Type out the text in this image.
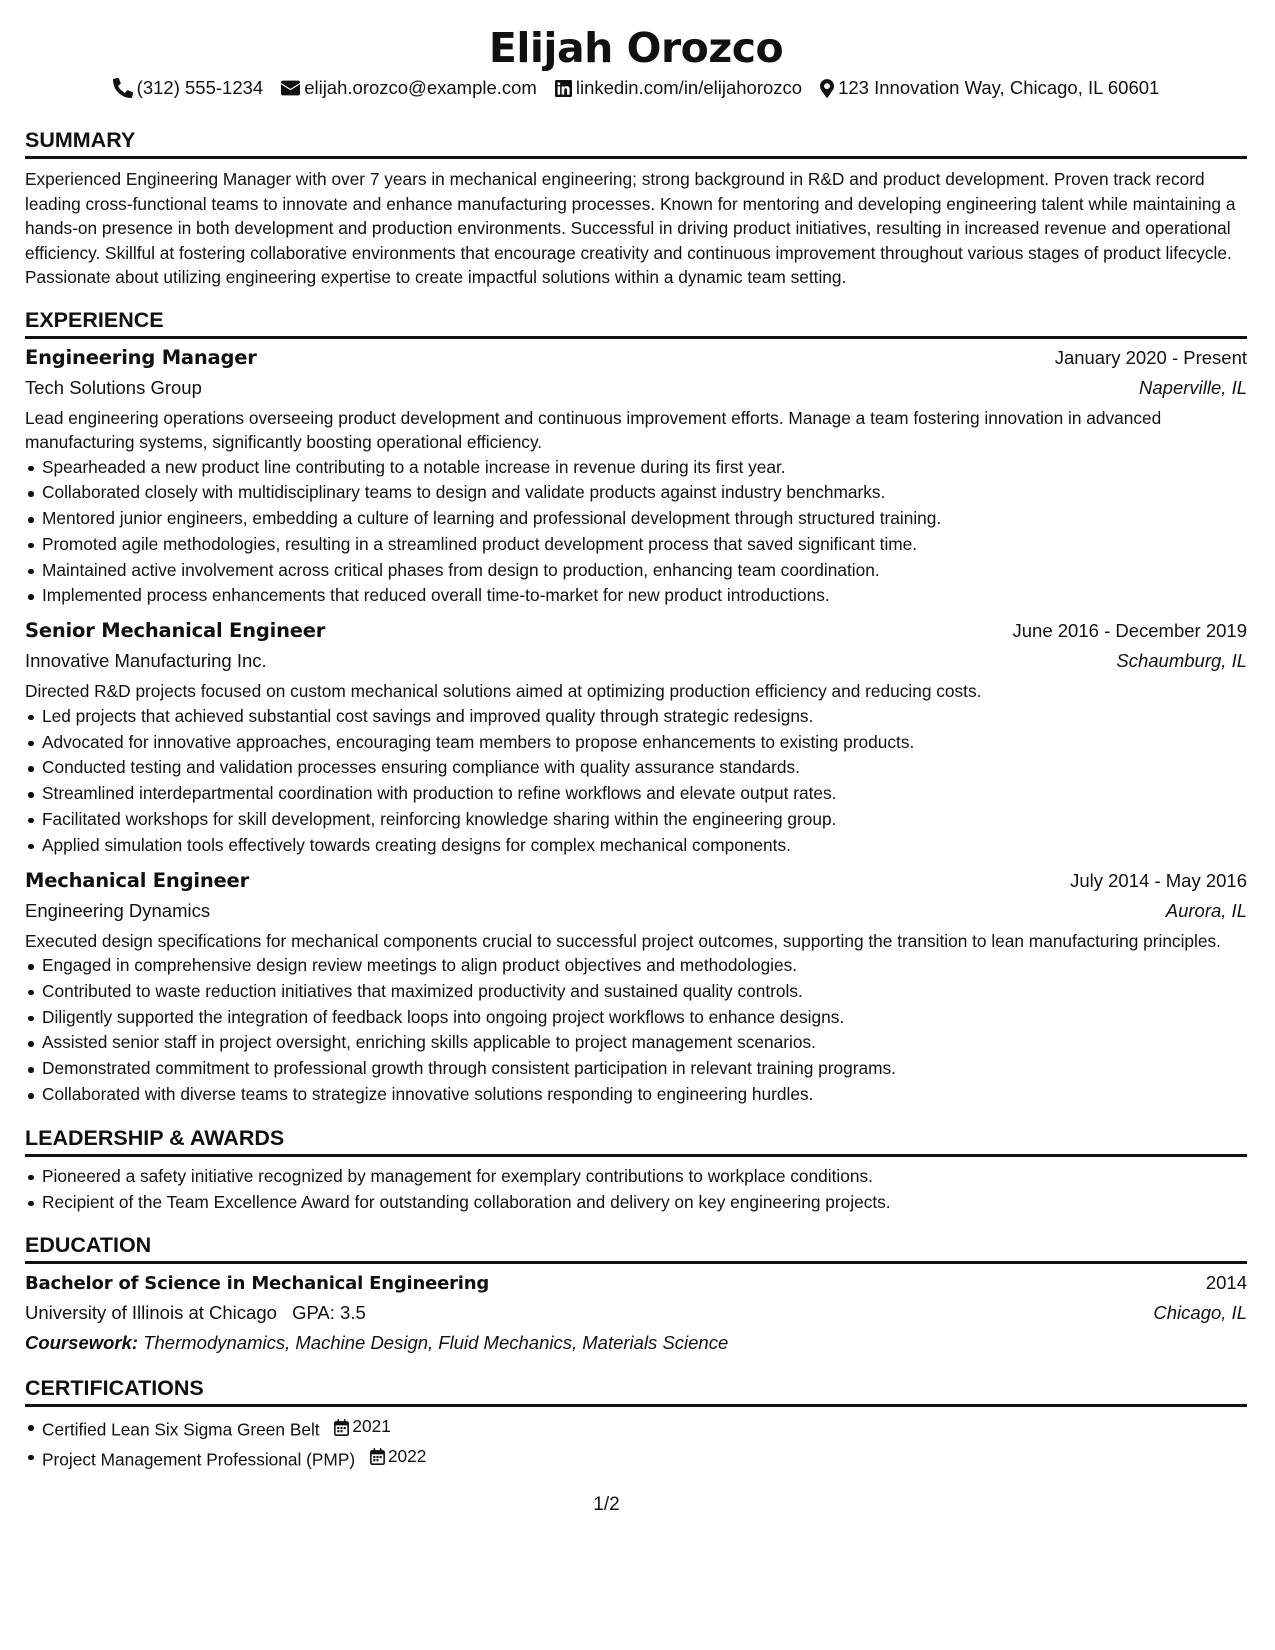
Elijah Orozco
(312) 555-1234 elijah.orozco@example.com linkedin.com/in/elijahorozco 123 Innovation Way, Chicago, IL 60601
SUMMARY
Experienced Engineering Manager with over 7 years in mechanical engineering; strong background in R&D and product development. Proven track record leading cross-functional teams to innovate and enhance manufacturing processes. Known for mentoring and developing engineering talent while maintaining a hands-on presence in both development and production environments. Successful in driving product initiatives, resulting in increased revenue and operational efficiency. Skillful at fostering collaborative environments that encourage creativity and continuous improvement throughout various stages of product lifecycle. Passionate about utilizing engineering expertise to create impactful solutions within a dynamic team setting.
EXPERIENCE
Engineering Manager	January 2020 - Present
Tech Solutions Group	Naperville, IL
Lead engineering operations overseeing product development and continuous improvement efforts. Manage a team fostering innovation in advanced manufacturing systems, significantly boosting operational efficiency.
Spearheaded a new product line contributing to a notable increase in revenue during its first year.
Collaborated closely with multidisciplinary teams to design and validate products against industry benchmarks.
Mentored junior engineers, embedding a culture of learning and professional development through structured training.
Promoted agile methodologies, resulting in a streamlined product development process that saved significant time.
Maintained active involvement across critical phases from design to production, enhancing team coordination.
Implemented process enhancements that reduced overall time-to-market for new product introductions.
Senior Mechanical Engineer	June 2016 - December 2019
Innovative Manufacturing Inc.	Schaumburg, IL
Directed R&D projects focused on custom mechanical solutions aimed at optimizing production efficiency and reducing costs.
Led projects that achieved substantial cost savings and improved quality through strategic redesigns.
Advocated for innovative approaches, encouraging team members to propose enhancements to existing products.
Conducted testing and validation processes ensuring compliance with quality assurance standards.
Streamlined interdepartmental coordination with production to refine workflows and elevate output rates.
Facilitated workshops for skill development, reinforcing knowledge sharing within the engineering group.
Applied simulation tools effectively towards creating designs for complex mechanical components.
Mechanical Engineer	July 2014 - May 2016
Engineering Dynamics	Aurora, IL
Executed design specifications for mechanical components crucial to successful project outcomes, supporting the transition to lean manufacturing principles.
Engaged in comprehensive design review meetings to align product objectives and methodologies.
Contributed to waste reduction initiatives that maximized productivity and sustained quality controls.
Diligently supported the integration of feedback loops into ongoing project workflows to enhance designs.
Assisted senior staff in project oversight, enriching skills applicable to project management scenarios.
Demonstrated commitment to professional growth through consistent participation in relevant training programs.
Collaborated with diverse teams to strategize innovative solutions responding to engineering hurdles.
LEADERSHIP & AWARDS
Pioneered a safety initiative recognized by management for exemplary contributions to workplace conditions.
Recipient of the Team Excellence Award for outstanding collaboration and delivery on key engineering projects.
EDUCATION
Bachelor of Science in Mechanical Engineering	2014
University of Illinois at Chicago GPA: 3.5	Chicago, IL
Coursework: Thermodynamics, Machine Design, Fluid Mechanics, Materials Science
CERTIFICATIONS
Certified Lean Six Sigma Green Belt 2021
Project Management Professional (PMP) 2022
1/2
